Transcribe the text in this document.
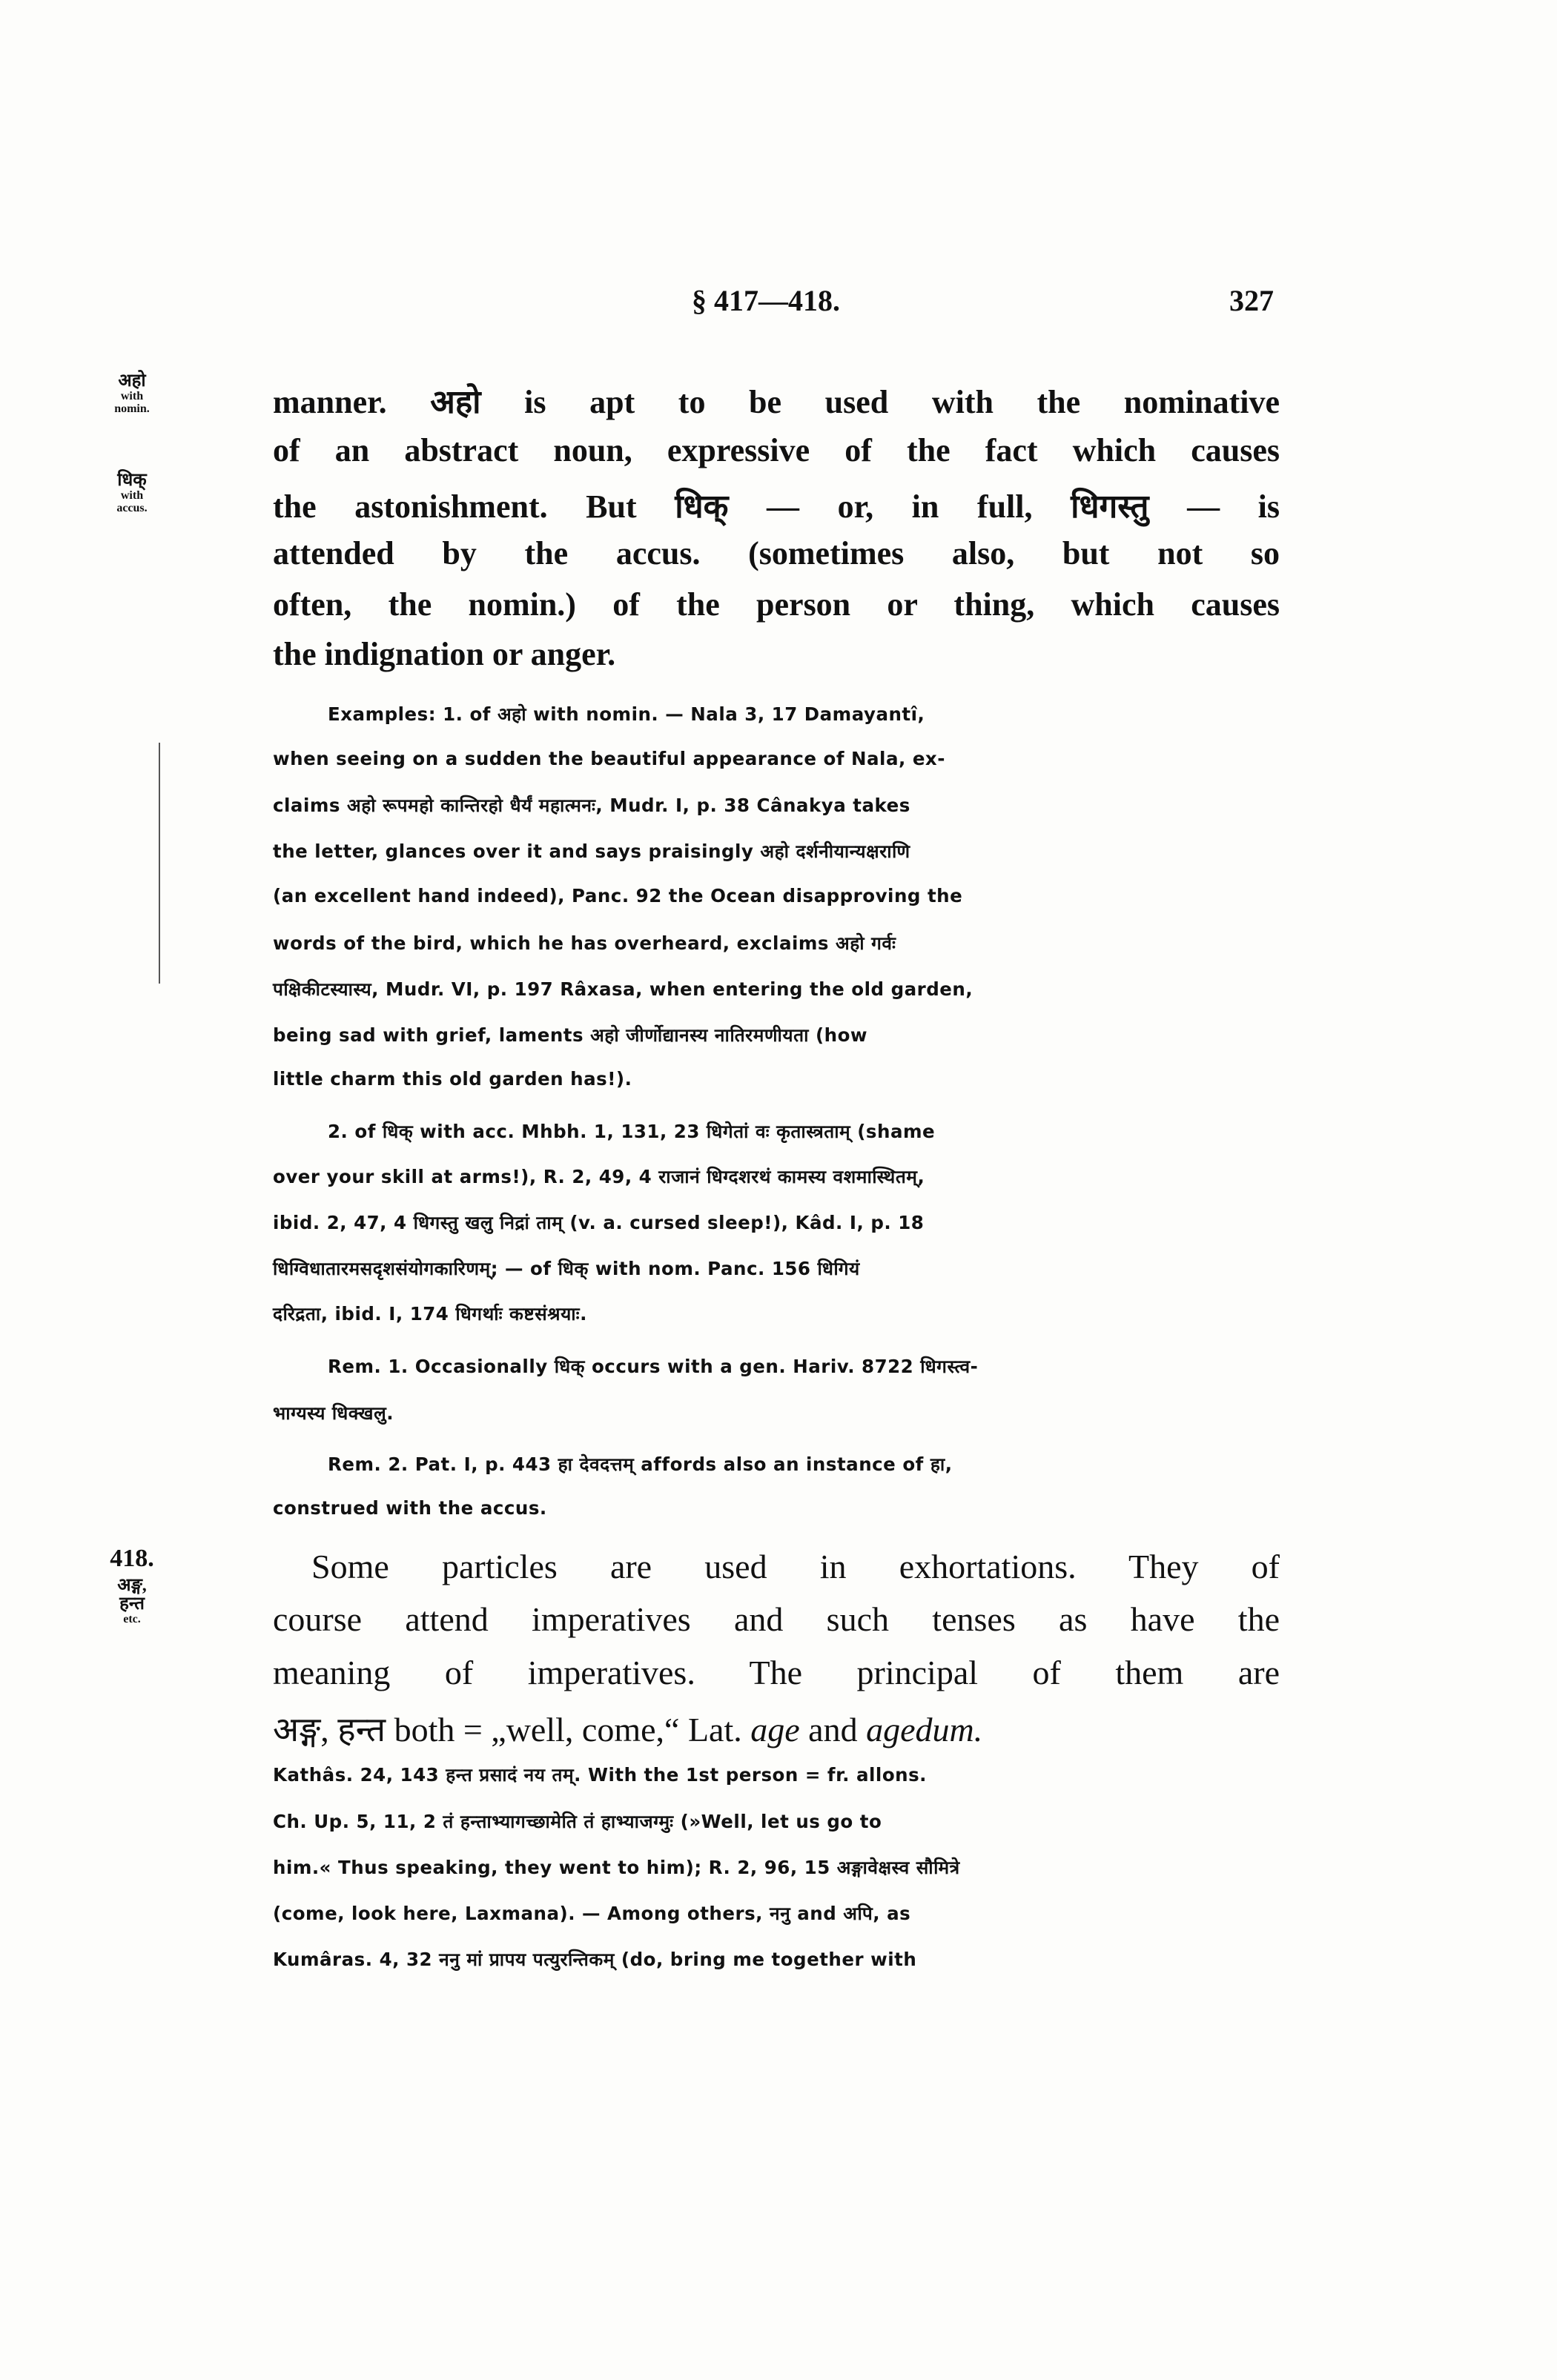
§ 417—418.	327
अहो
with
nomin.
धिक्
with
accus.
418.
अङ्ग,
हन्त
etc.
manner. अहो is apt to be used with the nominative
of an abstract noun, expressive of the fact which causes
the astonishment. But धिक् — or, in full, धिगस्तु — is
attended by the accus. (sometimes also, but not so
often, the nomin.) of the person or thing, which causes
the indignation or anger.
Examples: 1. of अहो with nomin. — Nala 3, 17 Damayantî,
when seeing on a sudden the beautiful appearance of Nala, ex-
claims अहो रूपमहो कान्तिरहो धैर्यं महात्मनः, Mudr. I, p. 38 Cânakya takes
the letter, glances over it and says praisingly अहो दर्शनीयान्यक्षराणि
(an excellent hand indeed), Panc. 92 the Ocean disapproving the
words of the bird, which he has overheard, exclaims अहो गर्वः
पक्षिकीटस्यास्य, Mudr. VI, p. 197 Râxasa, when entering the old garden,
being sad with grief, laments अहो जीर्णोद्यानस्य नातिरमणीयता (how
little charm this old garden has!).
2. of धिक् with acc. Mhbh. 1, 131, 23 धिगेतां वः कृतास्त्रताम् (shame
over your skill at arms!), R. 2, 49, 4 राजानं धिग्दशरथं कामस्य वशमास्थितम्,
ibid. 2, 47, 4 धिगस्तु खलु निद्रां ताम् (v. a. cursed sleep!), Kâd. I, p. 18
धिग्विधातारमसदृशसंयोगकारिणम्; — of धिक् with nom. Panc. 156 धिगियं
दरिद्रता, ibid. I, 174 धिगर्थाः कष्टसंश्रयाः.
Rem. 1. Occasionally धिक् occurs with a gen. Hariv. 8722 धिगस्त्व-
भाग्यस्य धिक्खलु.
Rem. 2. Pat. I, p. 443 हा देवदत्तम् affords also an instance of हा,
construed with the accus.
Some particles are used in exhortations. They of
course attend imperatives and such tenses as have the
meaning of imperatives. The principal of them are
अङ्ग, हन्त both = „well, come,“ Lat. age and agedum.
Kathâs. 24, 143 हन्त प्रसादं नय तम्. With the 1st person = fr. allons.
Ch. Up. 5, 11, 2 तं हन्ताभ्यागच्छामेति तं हाभ्याजग्मुः (»Well, let us go to
him.« Thus speaking, they went to him); R. 2, 96, 15 अङ्गावेक्षस्व सौमित्रे
(come, look here, Laxmana). — Among others, ननु and अपि, as
Kumâras. 4, 32 ननु मां प्रापय पत्युरन्तिकम् (do, bring me together with
